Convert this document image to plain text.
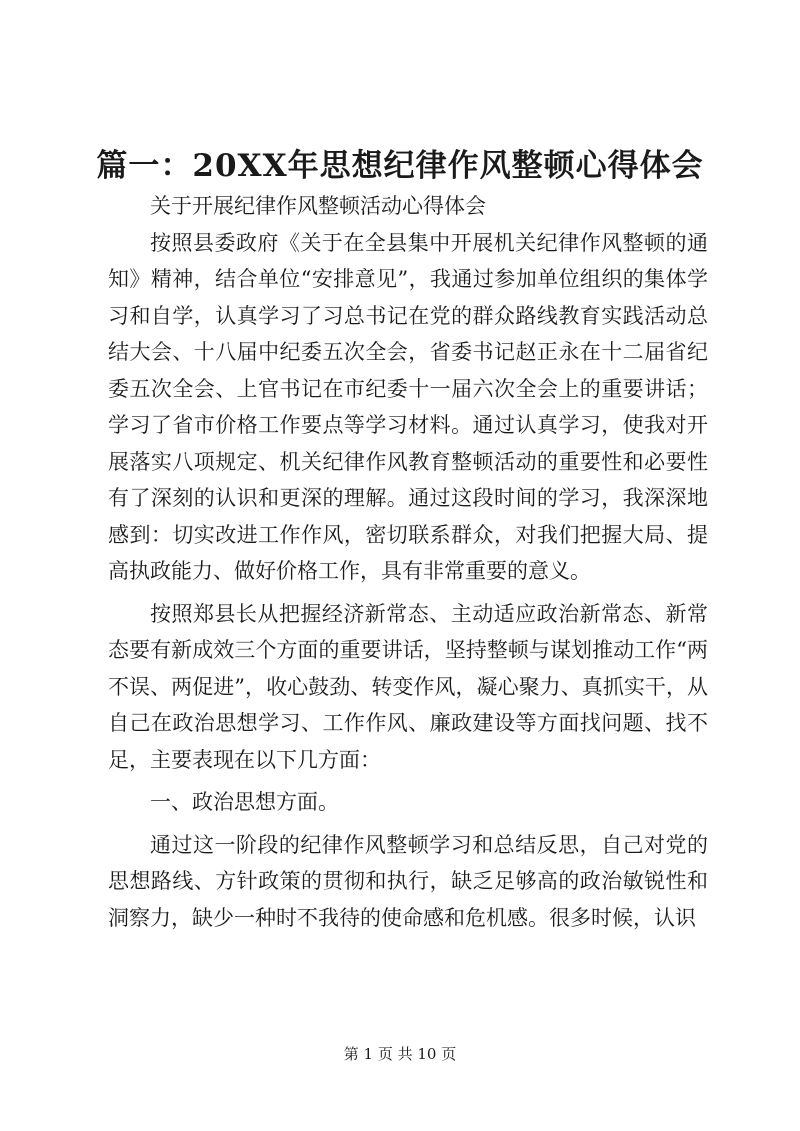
篇一：20XX年思想纪律作风整顿心得体会

关于开展纪律作风整顿活动心得体会

按照县委政府《关于在全县集中开展机关纪律作风整顿的通知》精神，结合单位“安排意见”，我通过参加单位组织的集体学习和自学，认真学习了习总书记在党的群众路线教育实践活动总结大会、十八届中纪委五次全会，省委书记赵正永在十二届省纪委五次全会、上官书记在市纪委十一届六次全会上的重要讲话；学习了省市价格工作要点等学习材料。通过认真学习，使我对开展落实八项规定、机关纪律作风教育整顿活动的重要性和必要性有了深刻的认识和更深的理解。通过这段时间的学习，我深深地感到：切实改进工作作风，密切联系群众，对我们把握大局、提高执政能力、做好价格工作，具有非常重要的意义。

按照郑县长从把握经济新常态、主动适应政治新常态、新常态要有新成效三个方面的重要讲话，坚持整顿与谋划推动工作“两不误、两促进”，收心鼓劲、转变作风，凝心聚力、真抓实干，从自己在政治思想学习、工作作风、廉政建设等方面找问题、找不足，主要表现在以下几方面：

一、政治思想方面。

通过这一阶段的纪律作风整顿学习和总结反思，自己对党的思想路线、方针政策的贯彻和执行，缺乏足够高的政治敏锐性和洞察力，缺少一种时不我待的使命感和危机感。很多时候，认识

第 1 页 共 10 页
